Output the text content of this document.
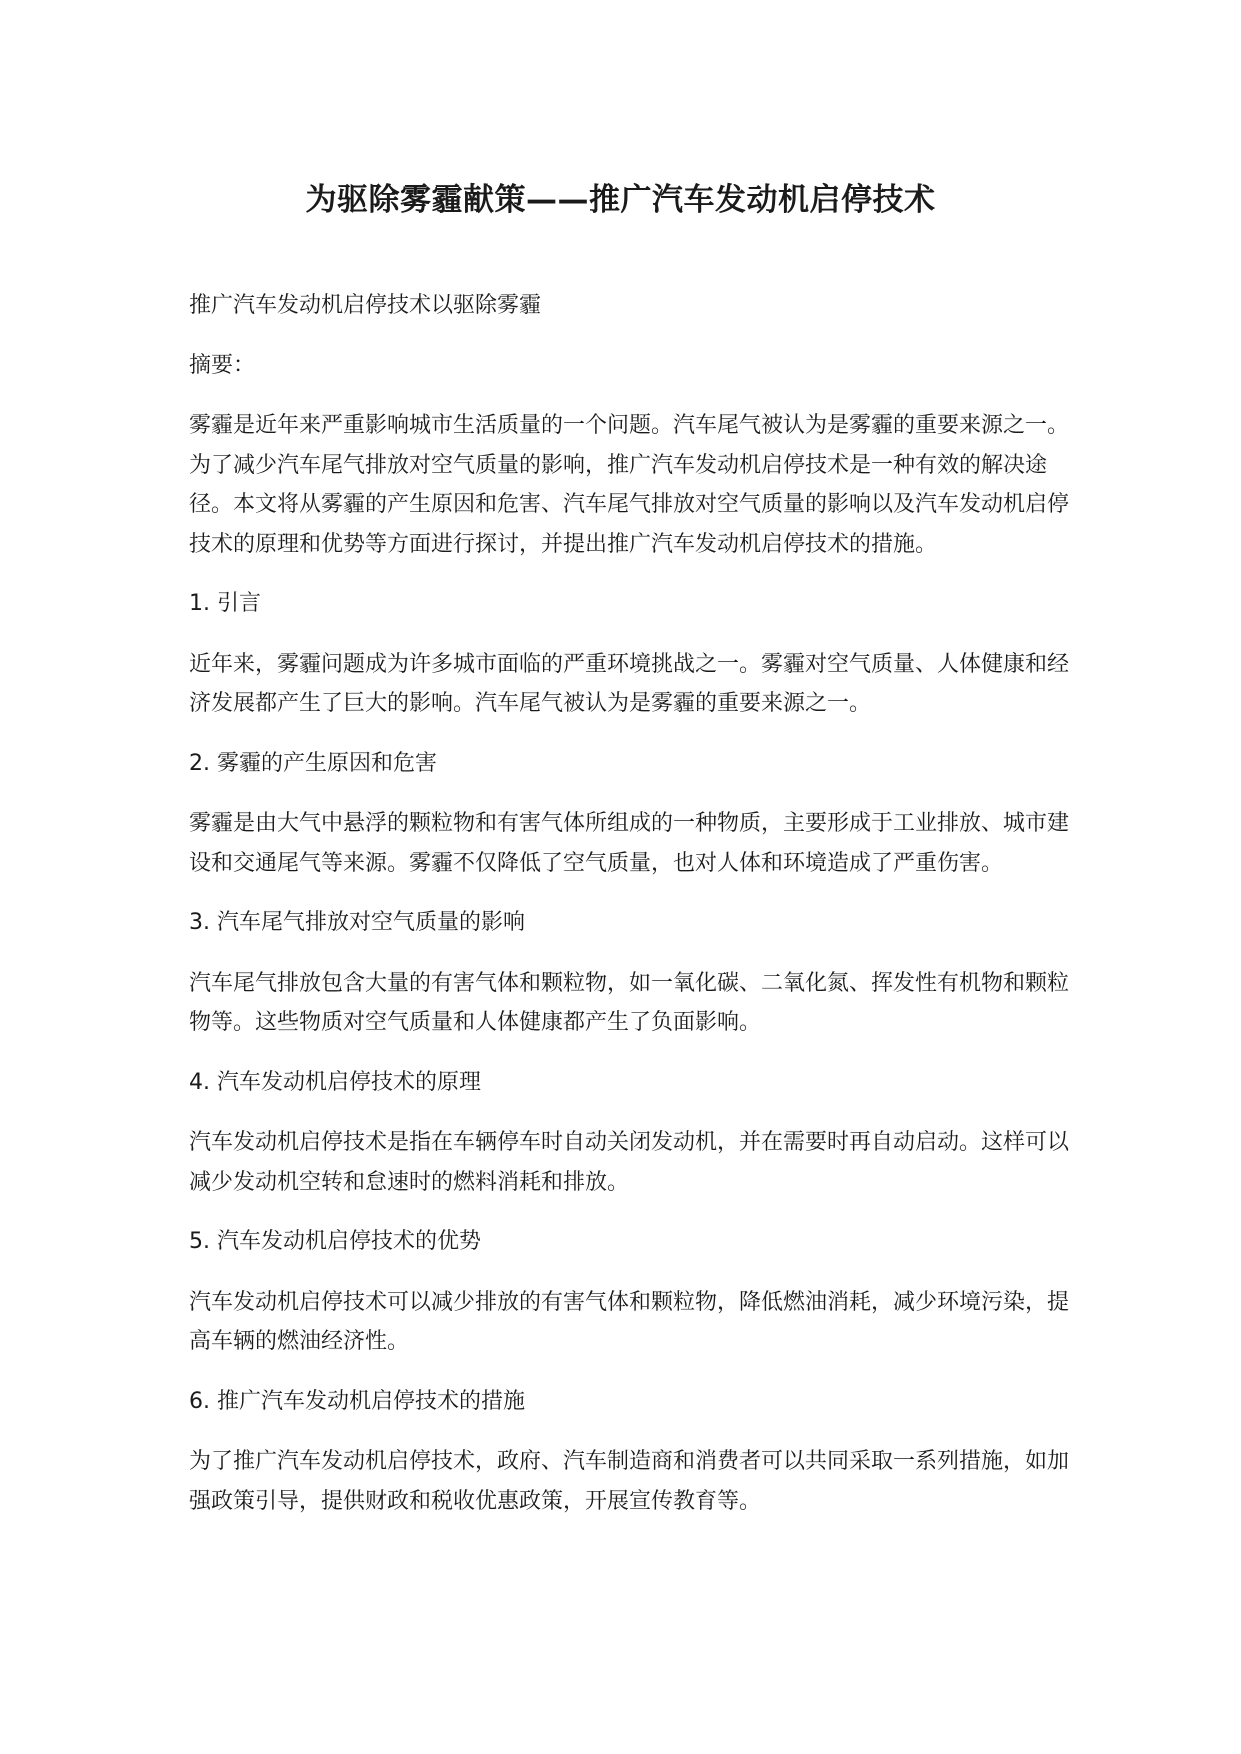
为驱除雾霾献策——推广汽车发动机启停技术

推广汽车发动机启停技术以驱除雾霾

摘要：

雾霾是近年来严重影响城市生活质量的一个问题。汽车尾气被认为是雾霾的重要来源之一。为了减少汽车尾气排放对空气质量的影响，推广汽车发动机启停技术是一种有效的解决途径。本文将从雾霾的产生原因和危害、汽车尾气排放对空气质量的影响以及汽车发动机启停技术的原理和优势等方面进行探讨，并提出推广汽车发动机启停技术的措施。

1. 引言

近年来，雾霾问题成为许多城市面临的严重环境挑战之一。雾霾对空气质量、人体健康和经济发展都产生了巨大的影响。汽车尾气被认为是雾霾的重要来源之一。

2. 雾霾的产生原因和危害

雾霾是由大气中悬浮的颗粒物和有害气体所组成的一种物质，主要形成于工业排放、城市建设和交通尾气等来源。雾霾不仅降低了空气质量，也对人体和环境造成了严重伤害。

3. 汽车尾气排放对空气质量的影响

汽车尾气排放包含大量的有害气体和颗粒物，如一氧化碳、二氧化氮、挥发性有机物和颗粒物等。这些物质对空气质量和人体健康都产生了负面影响。

4. 汽车发动机启停技术的原理

汽车发动机启停技术是指在车辆停车时自动关闭发动机，并在需要时再自动启动。这样可以减少发动机空转和怠速时的燃料消耗和排放。

5. 汽车发动机启停技术的优势

汽车发动机启停技术可以减少排放的有害气体和颗粒物，降低燃油消耗，减少环境污染，提高车辆的燃油经济性。

6. 推广汽车发动机启停技术的措施

为了推广汽车发动机启停技术，政府、汽车制造商和消费者可以共同采取一系列措施，如加强政策引导，提供财政和税收优惠政策，开展宣传教育等。
